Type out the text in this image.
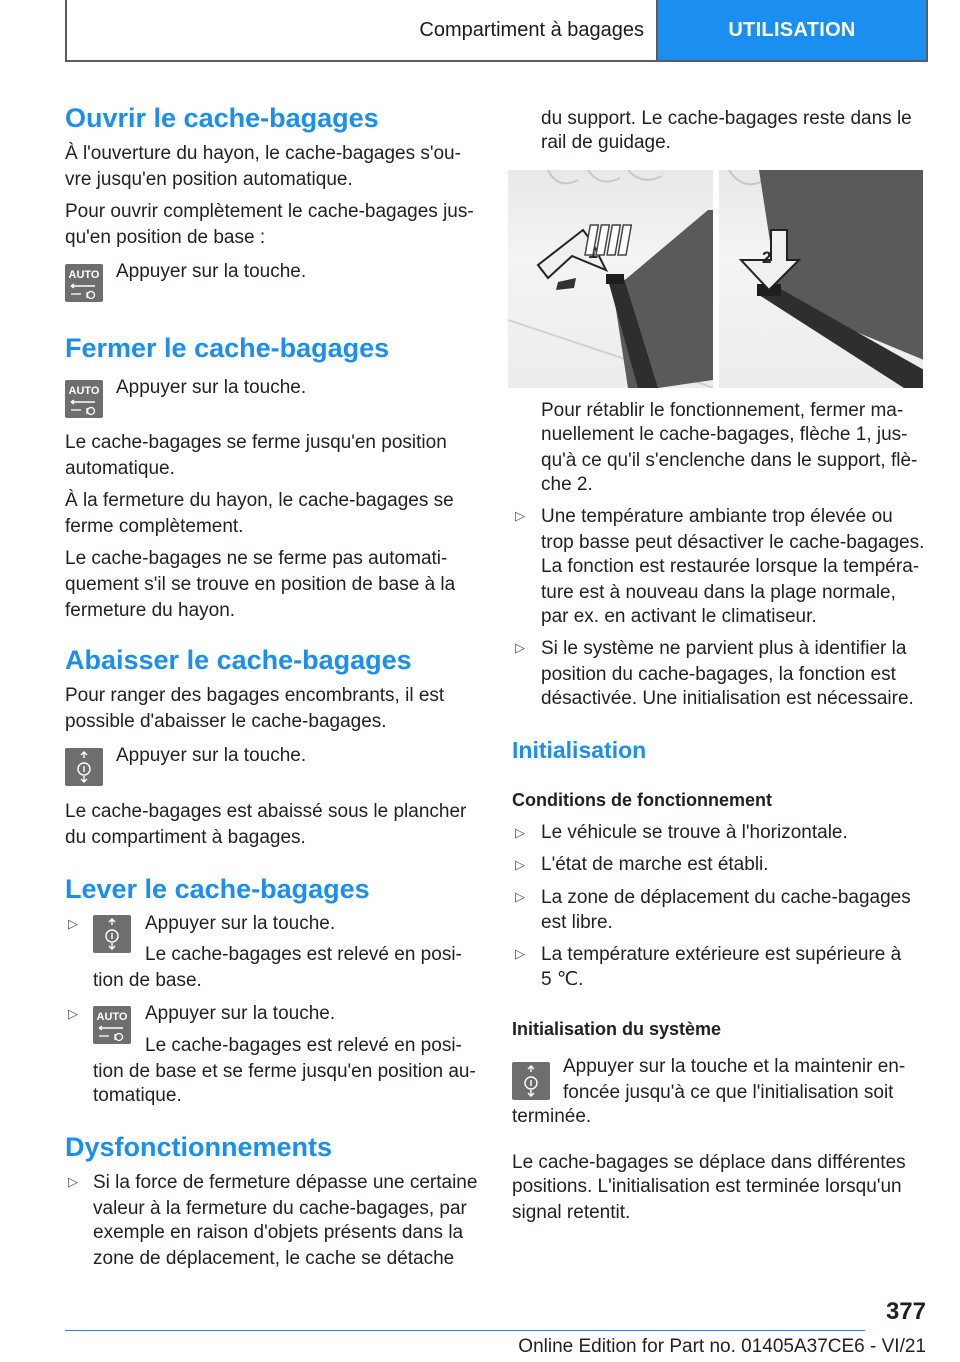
Compartiment à bagages	UTILISATION
Ouvrir le cache-bagages
À l'ouverture du hayon, le cache-bagages s'ou-
vre jusqu'en position automatique.
Pour ouvrir complètement le cache-bagages jus-
qu'en position de base :
AUTO Appuyer sur la touche.
Fermer le cache-bagages
AUTO Appuyer sur la touche.
Le cache-bagages se ferme jusqu'en position
automatique.
À la fermeture du hayon, le cache-bagages se
ferme complètement.
Le cache-bagages ne se ferme pas automati-
quement s'il se trouve en position de base à la
fermeture du hayon.
Abaisser le cache-bagages
Pour ranger des bagages encombrants, il est
possible d'abaisser le cache-bagages.
Appuyer sur la touche.
Le cache-bagages est abaissé sous le plancher
du compartiment à bagages.
Lever le cache-bagages
▷	Appuyer sur la touche.
Le cache-bagages est relevé en posi-
tion de base.
▷ AUTO Appuyer sur la touche.
Le cache-bagages est relevé en posi-
tion de base et se ferme jusqu'en position au-
tomatique.
Dysfonctionnements
▷ Si la force de fermeture dépasse une certaine
valeur à la fermeture du cache-bagages, par
exemple en raison d'objets présents dans la
zone de déplacement, le cache se détache
du support. Le cache-bagages reste dans le
rail de guidage.
Pour rétablir le fonctionnement, fermer ma-
nuellement le cache-bagages, flèche 1, jus-
qu'à ce qu'il s'enclenche dans le support, flè-
che 2.
▷ Une température ambiante trop élevée ou
trop basse peut désactiver le cache-bagages.
La fonction est restaurée lorsque la tempéra-
ture est à nouveau dans la plage normale,
par ex. en activant le climatiseur.
▷ Si le système ne parvient plus à identifier la
position du cache-bagages, la fonction est
désactivée. Une initialisation est nécessaire.
Initialisation
Conditions de fonctionnement
▷ Le véhicule se trouve à l'horizontale.
▷ L'état de marche est établi.
▷ La zone de déplacement du cache-bagages
est libre.
▷ La température extérieure est supérieure à
5 ℃.
Initialisation du système
Appuyer sur la touche et la maintenir en-
foncée jusqu'à ce que l'initialisation soit
terminée.
Le cache-bagages se déplace dans différentes
positions. L'initialisation est terminée lorsqu'un
signal retentit.
2
377
Online Edition for Part no. 01405A37CE6 - VI/21
